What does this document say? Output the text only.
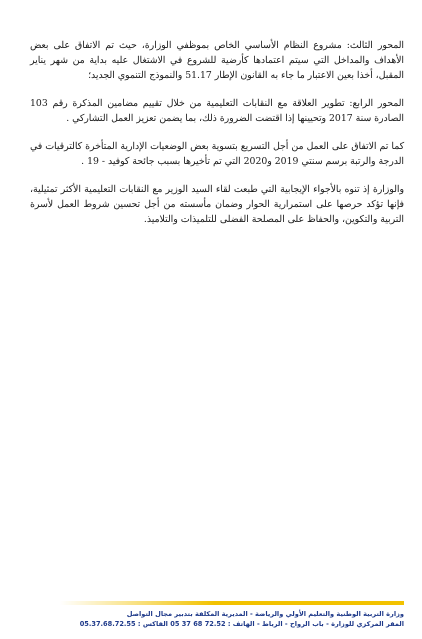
المحور الثالث: مشروع النظام الأساسي الخاص بموظفي الوزارة، حيث تم الاتفاق على بعض الأهداف والمداخل التي سيتم اعتمادها كأرضية للشروع في الاشتغال عليه بداية من شهر يناير المقبل، أخذا بعين الاعتبار ما جاء به القانون الإطار 51.17 والنموذج التنموي الجديد؛

المحور الرابع: تطوير العلاقة مع النقابات التعليمية من خلال تقييم مضامين المذكرة رقم 103 الصادرة سنة 2017 وتحيينها إذا اقتضت الضرورة ذلك، بما يضمن تعزيز العمل التشاركي .

كما تم الاتفاق على العمل من أجل التسريع بتسوية بعض الوضعيات الإدارية المتأخرة كالترقيات في الدرجة والرتبة برسم سنتي 2019 و2020 التي تم تأخيرها بسبب جائحة كوفيد - 19 .

والوزارة إذ تنوه بالأجواء الإيجابية التي طبعت لقاء السيد الوزير مع النقابات التعليمية الأكثر تمثيلية، فإنها تؤكد حرصها على استمرارية الحوار وضمان مأسسته من أجل تحسين شروط العمل لأسرة التربية والتكوين، والحفاظ على المصلحة الفضلى للتلميذات والتلاميذ.

وزارة التربية الوطنية والتعليم الأولي والرياضة - المديرية المكلفة بتدبير مجال التواصل
المقر المركزي للوزارة - باب الرواح - الرباط - الهاتف : 72.52 68 37 05 الفاكس : 05.37.68.72.55
